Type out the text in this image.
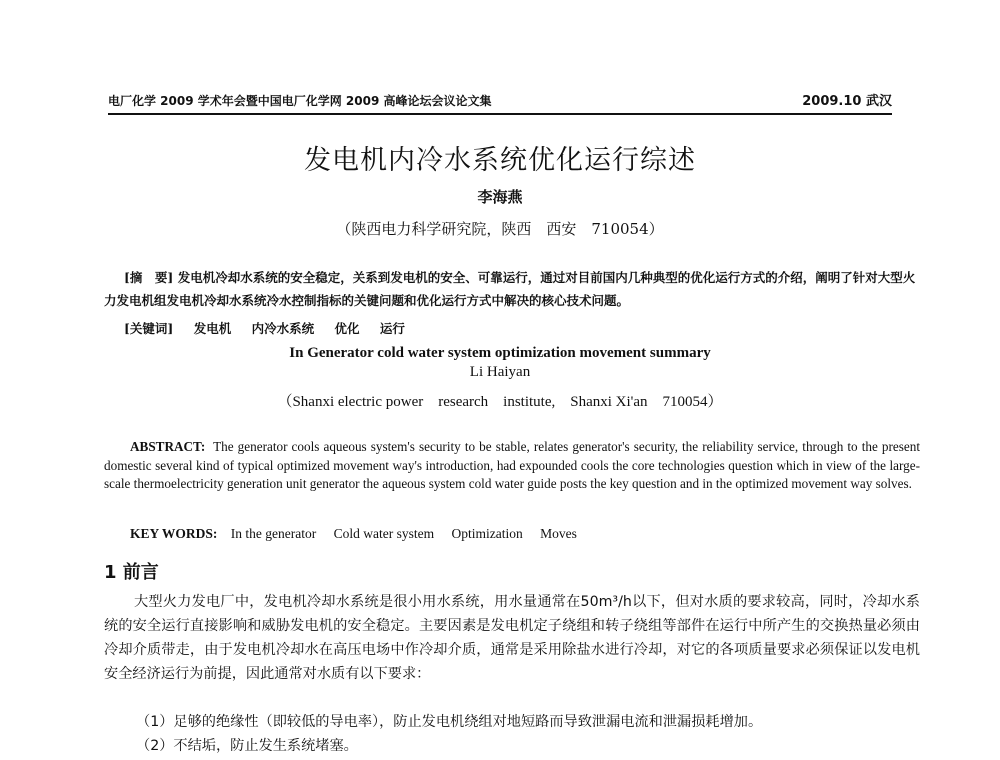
电厂化学 2009 学术年会暨中国电厂化学网 2009 高峰论坛会议论文集	2009.10 武汉
发电机内冷水系统优化运行综述
李海燕
（陕西电力科学研究院，陕西　西安　710054）
[摘　要] 发电机冷却水系统的安全稳定，关系到发电机的安全、可靠运行，通过对目前国内几种典型的优化运行方式的介绍，阐明了针对大型火力发电机组发电机冷却水系统冷水控制指标的关键问题和优化运行方式中解决的核心技术问题。
[关键词] 发电机 内冷水系统 优化 运行
In Generator cold water system optimization movement summary
Li Haiyan
（Shanxi electric power　research　institute,　Shanxi Xi'an　710054）
ABSTRACT: The generator cools aqueous system's security to be stable, relates generator's security, the reliability service, through to the present domestic several kind of typical optimized movement way's introduction, had expounded cools the core technologies question which in view of the large-scale thermoelectricity generation unit generator the aqueous system cold water guide posts the key question and in the optimized movement way solves.
KEY WORDS: In the generator Cold water system Optimization Moves
1 前言
大型火力发电厂中，发电机冷却水系统是很小用水系统，用水量通常在50m³/h以下，但对水质的要求较高，同时，冷却水系统的安全运行直接影响和威胁发电机的安全稳定。主要因素是发电机定子绕组和转子绕组等部件在运行中所产生的交换热量必须由冷却介质带走，由于发电机冷却水在高压电场中作冷却介质，通常是采用除盐水进行冷却，对它的各项质量要求必须保证以发电机安全经济运行为前提，因此通常对水质有以下要求：
（1）足够的绝缘性（即较低的导电率），防止发电机绕组对地短路而导致泄漏电流和泄漏损耗增加。
（2）不结垢，防止发生系统堵塞。
